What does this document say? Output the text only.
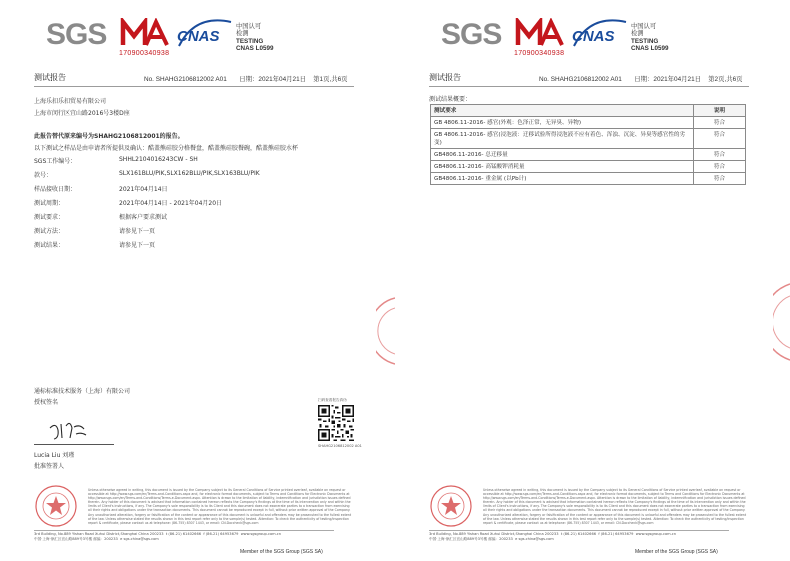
SGS
170900340938
CNAS
中国认可
检测
TESTING
CNAS L0599
测试报告	No. SHAHG2106812002 A01 日期：2021年04月21日 第1页,共6页
上海乐扣乐扣贸易有限公司
上海市闵行区宜山路2016号3楼D座
此报告替代原来编号为SHAHG2106812001的报告。
以下测试之样品是由申请者所提供及确认：酷盖熊硅胶分格餐盘，酷盖熊硅胶餐碗，酷盖熊硅胶水杯
SGS工作编号：	SHHL2104016243CW - SH
款号：	SLX161BLU/PIK,SLX162BLU/PIK,SLX163BLU/PIK
样品接收日期：	2021年04月14日
测试周期：	2021年04月14日 - 2021年04月20日
测试要求：	根据客户要求测试
测试方法：	请参见下一页
测试结果：	请参见下一页
通标标准技术服务（上海）有限公司
授权签名
Lucia Liu 刘瑾
批准签署人
扫码查看报告真伪
SHAHG2106812002 A01
Unless otherwise agreed in writing, this document is issued by the Company subject to its General Conditions of Service printed overleaf, available on request or accessible at http://www.sgs.com/en/Terms-and-Conditions.aspx and, for electronic format documents, subject to Terms and Conditions for Electronic Documents at http://www.sgs.com/en/Terms-and-Conditions/Terms-e-Document.aspx. Attention is drawn to the limitation of liability, indemnification and jurisdiction issues defined therein. Any holder of this document is advised that information contained hereon reflects the Company's findings at the time of its intervention only and within the limits of Client's instructions, if any. The Company's sole responsibility is to its Client and this document does not exonerate parties to a transaction from exercising all their rights and obligations under the transaction documents. This document cannot be reproduced except in full, without prior written approval of the Company. Any unauthorized alteration, forgery or falsification of the content or appearance of this document is unlawful and offenders may be prosecuted to the fullest extent of the law. Unless otherwise stated the results shown in this test report refer only to the sample(s) tested. Attention: To check the authenticity of testing/inspection report & certificate, please contact us at telephone: (86-755) 8307 1443, or email: CN.Doccheck@sgs.com
3rd Building, No.889 Yishan Road Xuhui District,Shanghai China 200233 t (86-21) 61402666 f (86-21) 64953679 www.sgsgroup.com.cn
中国·上海·徐汇区宜山路889号3号楼 邮编：200233 e sgs.china@sgs.com
Member of the SGS Group (SGS SA)
SGS
170900340938
CNAS
中国认可
检测
TESTING
CNAS L0599
测试报告	No. SHAHG2106812002 A01 日期：2021年04月21日 第2页,共6页
测试结果概要：
Unless otherwise agreed in writing, this document is issued by the Company subject to its General Conditions of Service printed overleaf, available on request or accessible at http://www.sgs.com/en/Terms-and-Conditions.aspx and, for electronic format documents, subject to Terms and Conditions for Electronic Documents at http://www.sgs.com/en/Terms-and-Conditions/Terms-e-Document.aspx. Attention is drawn to the limitation of liability, indemnification and jurisdiction issues defined therein. Any holder of this document is advised that information contained hereon reflects the Company's findings at the time of its intervention only and within the limits of Client's instructions, if any. The Company's sole responsibility is to its Client and this document does not exonerate parties to a transaction from exercising all their rights and obligations under the transaction documents. This document cannot be reproduced except in full, without prior written approval of the Company. Any unauthorized alteration, forgery or falsification of the content or appearance of this document is unlawful and offenders may be prosecuted to the fullest extent of the law. Unless otherwise stated the results shown in this test report refer only to the sample(s) tested. Attention: To check the authenticity of testing/inspection report & certificate, please contact us at telephone: (86-755) 8307 1443, or email: CN.Doccheck@sgs.com
3rd Building, No.889 Yishan Road Xuhui District,Shanghai China 200233 t (86-21) 61402666 f (86-21) 64953679 www.sgsgroup.com.cn
中国·上海·徐汇区宜山路889号3号楼 邮编：200233 e sgs.china@sgs.com
Member of the SGS Group (SGS SA)
测试要求	说明
GB 4806.11-2016- 感官(外观：色泽正常，无异臭、异物)	符合
GB 4806.11-2016- 感官(浸泡液：迁移试验所得浸泡液不应有着色、浑浊、沉淀、异臭等感官性的劣变)	符合
GB4806.11-2016- 总迁移量	符合
GB4806.11-2016- 高锰酸钾消耗量	符合
GB4806.11-2016- 重金属 (以Pb计)	符合
